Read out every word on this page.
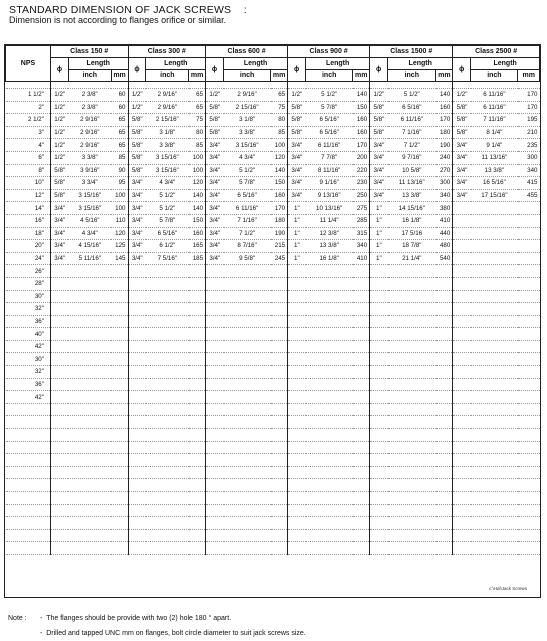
STANDARD DIMENSION OF JACK SCREWS    :
Dimension is not according to flanges orifice or similar.
NPS	Class 150 #			Class 300 #			Class 600 #			Class 900 #			Class 1500 #			Class 2500 #		
	ϕ	Length		ϕ	Length		ϕ	Length		ϕ	Length		ϕ	Length		ϕ	Length	
		inch	mm		inch	mm		inch	mm		inch	mm		inch	mm		inch	mm

1 1/2"	1/2"	2 3/8"	60	1/2"	2 9/16"	65	1/2"	2 9/16"	65	1/2"	5 1/2"	140	1/2"	5 1/2"	140	1/2"	6 11/16"	170
2"	1/2"	2 3/8"	60	1/2"	2 9/16"	65	5/8"	2 15/16"	75	5/8"	5 7/8"	150	5/8"	6 5/16"	160	5/8"	6 11/16"	170
2 1/2"	1/2"	2 9/16"	65	5/8"	2 15/16"	75	5/8"	3 1/8"	80	5/8"	6 5/16"	160	5/8"	6 11/16"	170	5/8"	7 11/16"	195
3"	1/2"	2 9/16"	65	5/8"	3 1/8"	80	5/8"	3 3/8"	85	5/8"	6 5/16"	160	5/8"	7 1/16"	180	5/8"	8 1/4"	210
4"	1/2"	2 9/16"	65	5/8"	3 3/8"	85	3/4"	3 15/16"	100	3/4"	6 11/16"	170	3/4"	7 1/2"	190	3/4"	9 1/4"	235
6"	1/2"	3 3/8"	85	5/8"	3 15/16"	100	3/4"	4 3/4"	120	3/4"	7 7/8"	200	3/4"	9 7/16"	240	3/4"	11 13/16"	300
8"	5/8"	3 9/16"	90	5/8"	3 15/16"	100	3/4"	5 1/2"	140	3/4"	8 11/16"	220	3/4"	10 5/8"	270	3/4"	13 3/8"	340
10"	5/8"	3 3/4"	95	3/4"	4 3/4"	120	3/4"	5 7/8"	150	3/4"	9 1/16"	230	3/4"	11 13/16"	300	3/4"	16 5/16"	415
12"	5/8"	3 15/16"	100	3/4"	5 1/2"	140	3/4"	6 5/16"	160	3/4"	9 13/16"	250	3/4"	13 3/8"	340	3/4"	17 15/16"	455
14"	3/4"	3 15/16"	100	3/4"	5 1/2"	140	3/4"	6 11/16"	170	1"	10 13/16"	275	1"	14 15/16"	380			
16"	3/4"	4 5/16"	110	3/4"	5 7/8"	150	3/4"	7 1/16"	180	1"	11 1/4"	285	1"	16 1/8"	410			
18"	3/4"	4 3/4"	120	3/4"	6 5/16"	160	3/4"	7 1/2"	190	1"	12 3/8"	315	1"	17 5/16	440			
20"	3/4"	4 15/16"	125	3/4"	6 1/2"	165	3/4"	8 7/16"	215	1"	13 3/8"	340	1"	18 7/8"	480			
24"	3/4"	5 11/16"	145	3/4"	7 5/16"	185	3/4"	9 5/8"	245	1"	16 1/8"	410	1"	21 1/4"	540			
26"																		
28"																		
30"																		
32"																		
36"																		
40"																		
42"																		
30"																		
32"																		
36"																		
42"																		

c:\Hal\Jack Screws
Note : - The flanges should be provide with two (2) hole 180 ° apart.
- Drilled and tapped UNC mm on flanges, bolt circle diameter to suit jack screws size.
